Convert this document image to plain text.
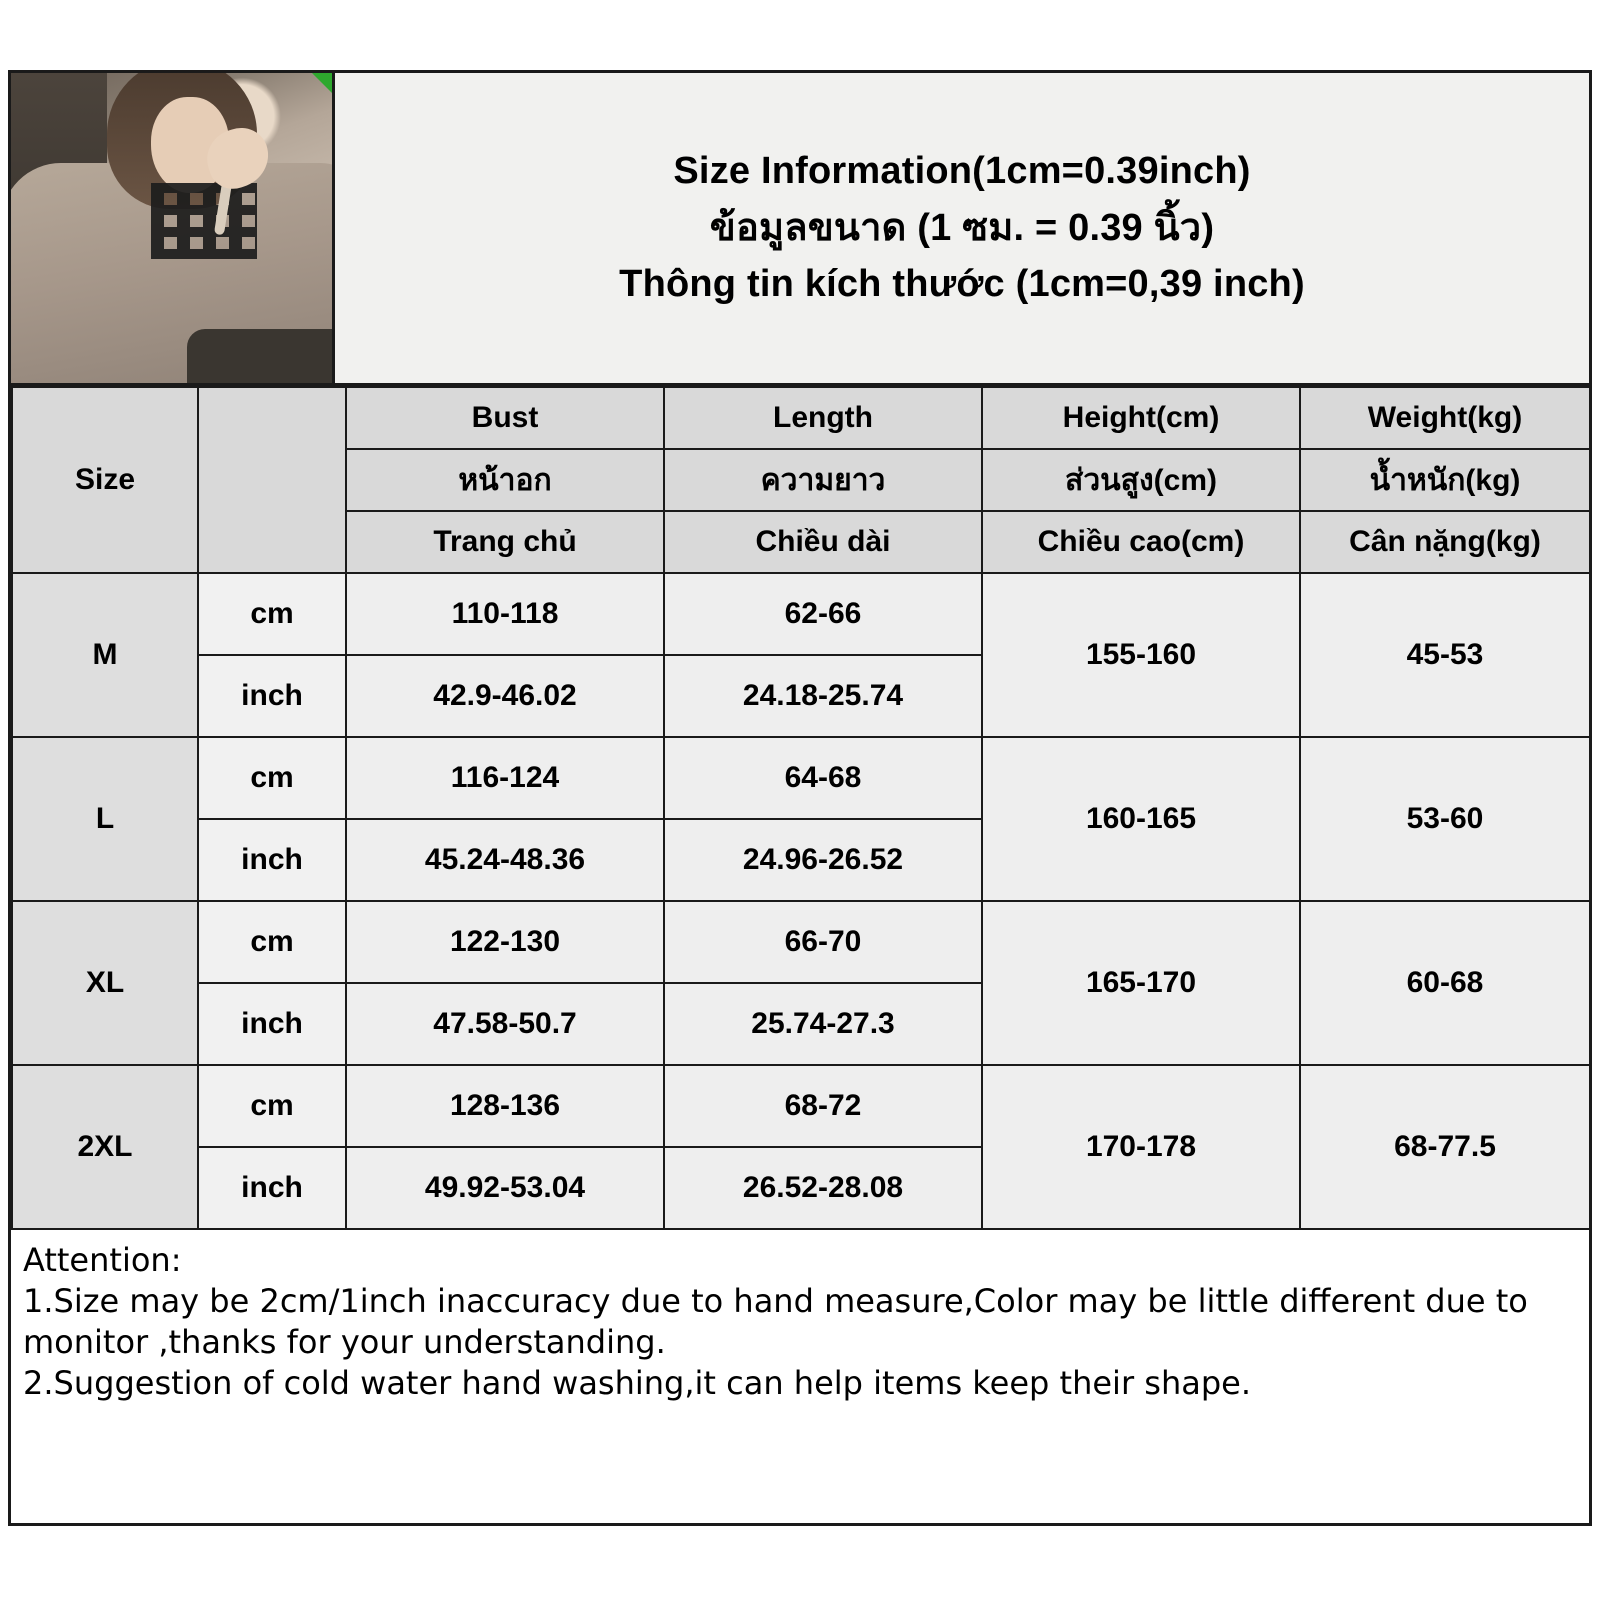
Size Information(1cm=0.39inch)
ข้อมูลขนาด (1 ซม. = 0.39 นิ้ว)
Thông tin kích thước (1cm=0,39 inch)
Size		Bust	Length	Height(cm)	Weight(kg)
		หน้าอก	ความยาว	ส่วนสูง(cm)	น้ำหนัก(kg)
		Trang chủ	Chiều dài	Chiều cao(cm)	Cân nặng(kg)
M	cm	110-118	62-66	155-160	45-53
	inch	42.9-46.02	24.18-25.74		
L	cm	116-124	64-68	160-165	53-60
	inch	45.24-48.36	24.96-26.52		
XL	cm	122-130	66-70	165-170	60-68
	inch	47.58-50.7	25.74-27.3		
2XL	cm	128-136	68-72	170-178	68-77.5
	inch	49.92-53.04	26.52-28.08		
Attention:
1.Size may be 2cm/1inch inaccuracy due to hand measure,Color may be little different due to
monitor ,thanks for your understanding.
2.Suggestion of cold water hand washing,it can help items keep their shape.
